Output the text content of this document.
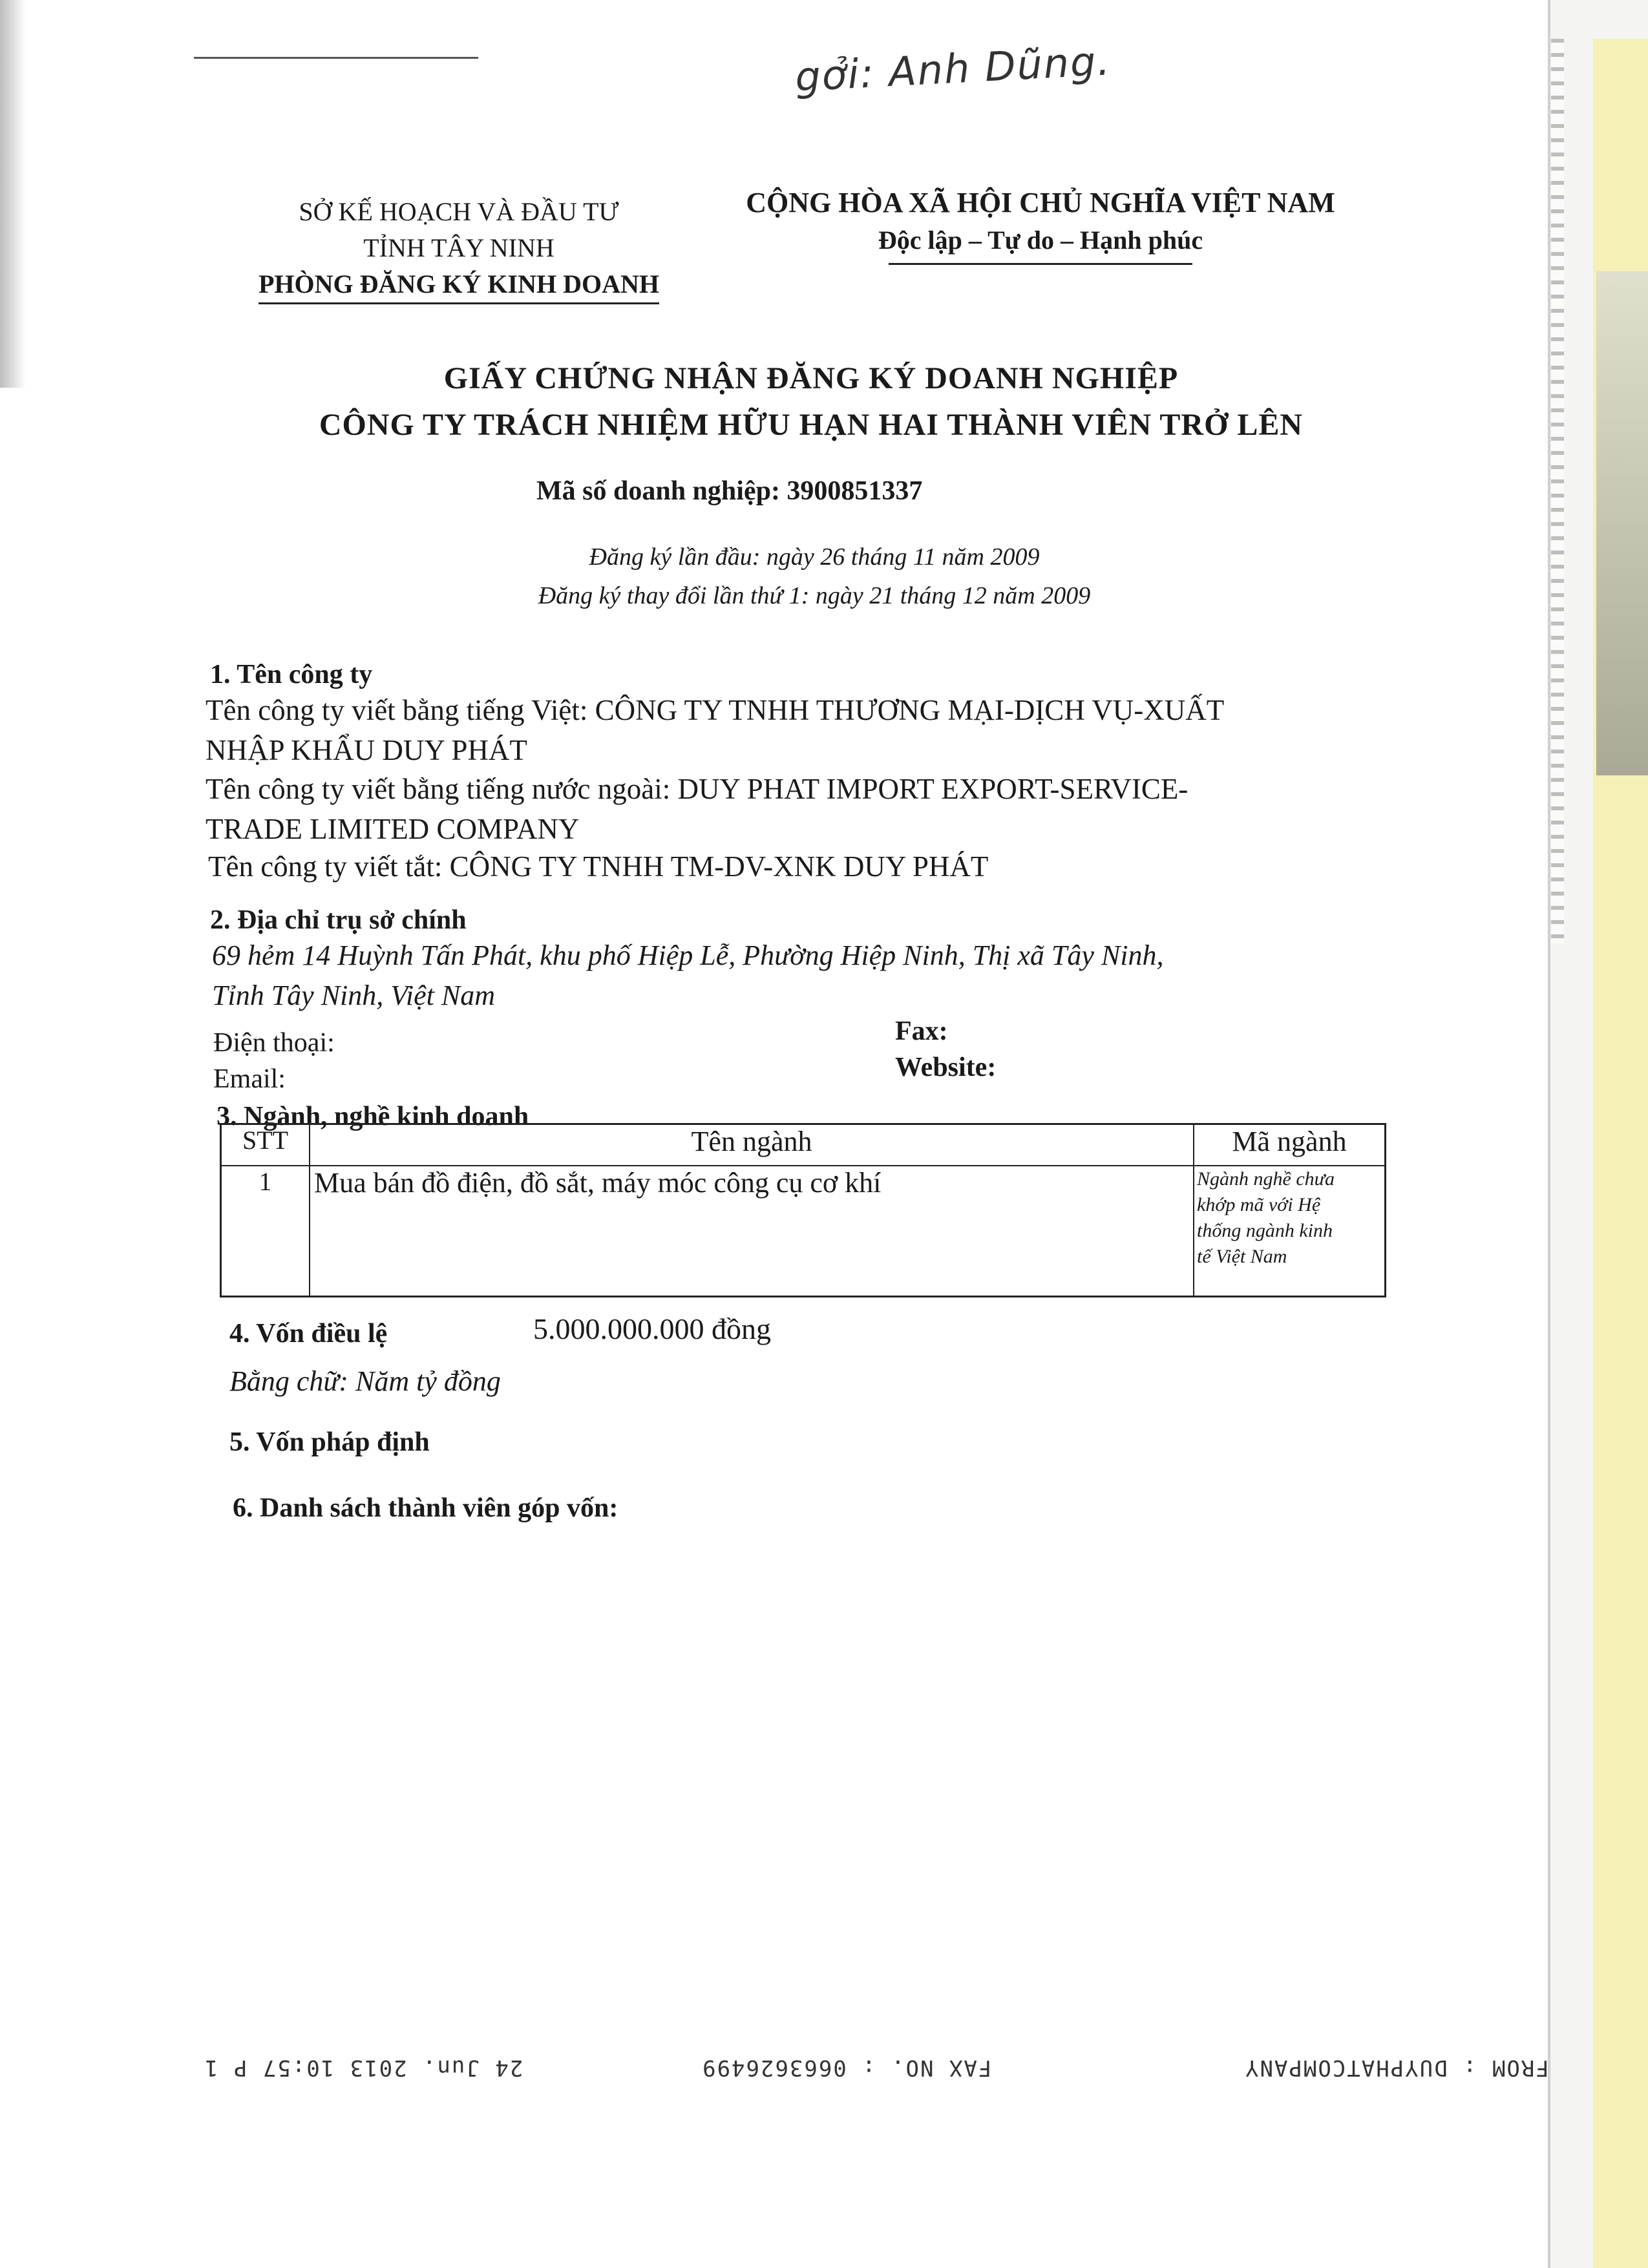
gởi: Anh Dũng.
SỞ KẾ HOẠCH VÀ ĐẦU TƯ
TỈNH TÂY NINH
PHÒNG ĐĂNG KÝ KINH DOANH
CỘNG HÒA XÃ HỘI CHỦ NGHĨA VIỆT NAM
Độc lập – Tự do – Hạnh phúc
GIẤY CHỨNG NHẬN ĐĂNG KÝ DOANH NGHIỆP
CÔNG TY TRÁCH NHIỆM HỮU HẠN HAI THÀNH VIÊN TRỞ LÊN
Mã số doanh nghiệp: 3900851337
Đăng ký lần đầu: ngày 26 tháng 11 năm 2009
Đăng ký thay đổi lần thứ 1: ngày 21 tháng 12 năm 2009
1. Tên công ty
Tên công ty viết bằng tiếng Việt: CÔNG TY TNHH THƯƠNG MẠI-DỊCH VỤ-XUẤT
NHẬP KHẨU DUY PHÁT
Tên công ty viết bằng tiếng nước ngoài: DUY PHAT IMPORT EXPORT-SERVICE-
TRADE LIMITED COMPANY
Tên công ty viết tắt: CÔNG TY TNHH TM-DV-XNK DUY PHÁT
2. Địa chỉ trụ sở chính
69 hẻm 14 Huỳnh Tấn Phát, khu phố Hiệp Lễ, Phường Hiệp Ninh, Thị xã Tây Ninh,
Tỉnh Tây Ninh, Việt Nam
Điện thoại:
Email:
Fax:
Website:
3. Ngành, nghề kinh doanh
STT	Tên ngành	Mã ngành
1	Mua bán đồ điện, đồ sắt, máy móc công cụ cơ khí	Ngành nghề chưa
khớp mã với Hệ
thống ngành kinh
tế Việt Nam
4. Vốn điều lệ	5.000.000.000 đồng
Bằng chữ: Năm tỷ đồng
5. Vốn pháp định
6. Danh sách thành viên góp vốn:
24 Jun. 2013 10:57 P 1	FAX NO. : 0663626499	FROM : DUYPHATCOMPANY
